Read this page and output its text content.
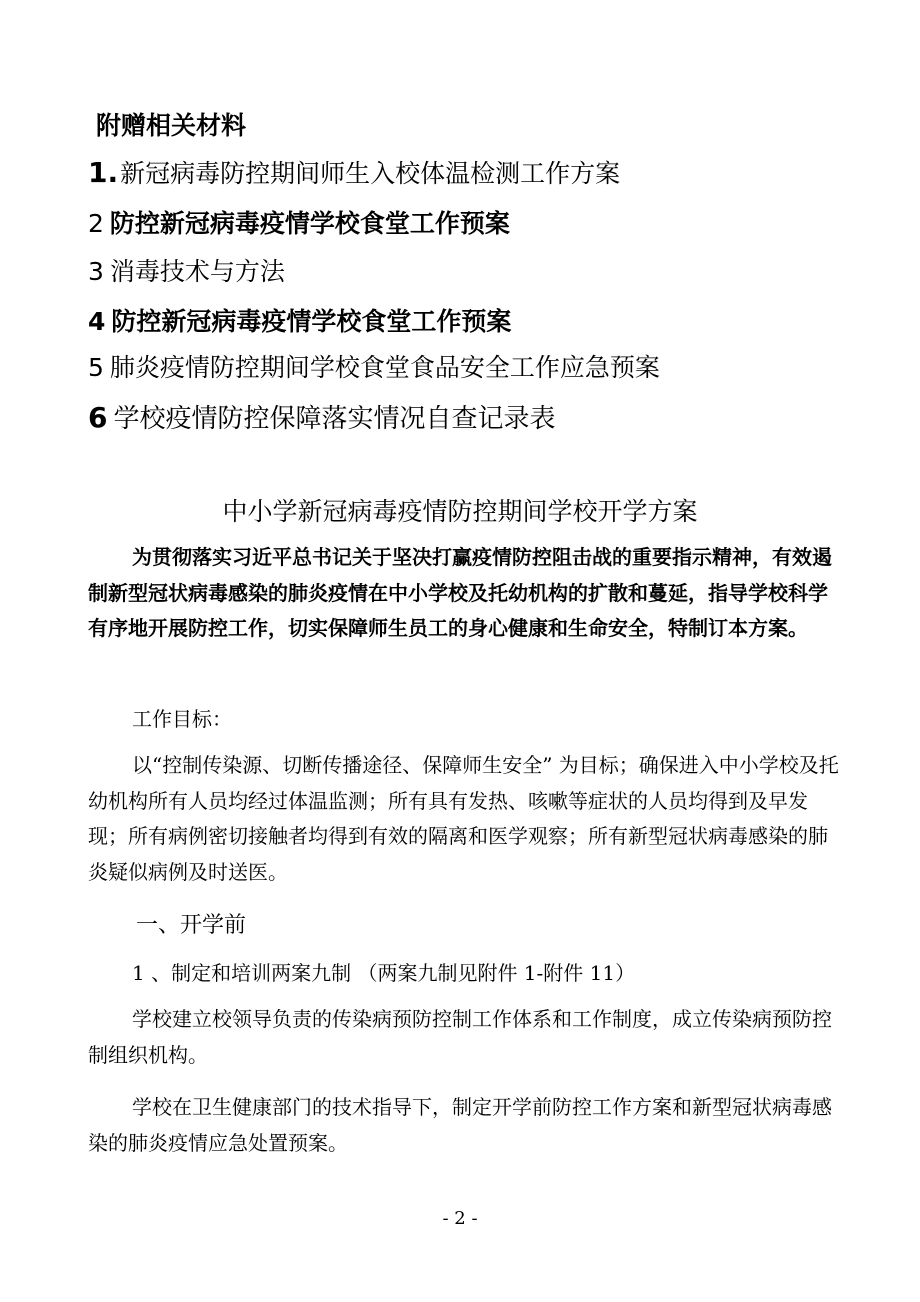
附赠相关材料
1.新冠病毒防控期间师生入校体温检测工作方案
2 防控新冠病毒疫情学校食堂工作预案
3 消毒技术与方法
4 防控新冠病毒疫情学校食堂工作预案
5 肺炎疫情防控期间学校食堂食品安全工作应急预案
6 学校疫情防控保障落实情况自查记录表
中小学新冠病毒疫情防控期间学校开学方案

为贯彻落实习近平总书记关于坚决打赢疫情防控阻击战的重要指示精神，有效遏制新型冠状病毒感染的肺炎疫情在中小学校及托幼机构的扩散和蔓延，指导学校科学有序地开展防控工作，切实保障师生员工的身心健康和生命安全，特制订本方案。

工作目标：

以“控制传染源、切断传播途径、保障师生安全” 为目标；确保进入中小学校及托幼机构所有人员均经过体温监测；所有具有发热、咳嗽等症状的人员均得到及早发现；所有病例密切接触者均得到有效的隔离和医学观察；所有新型冠状病毒感染的肺炎疑似病例及时送医。

一、开学前

1 、制定和培训两案九制 （两案九制见附件 1-附件 11）

学校建立校领导负责的传染病预防控制工作体系和工作制度，成立传染病预防控制组织机构。

学校在卫生健康部门的技术指导下，制定开学前防控工作方案和新型冠状病毒感染的肺炎疫情应急处置预案。

- 2 -
